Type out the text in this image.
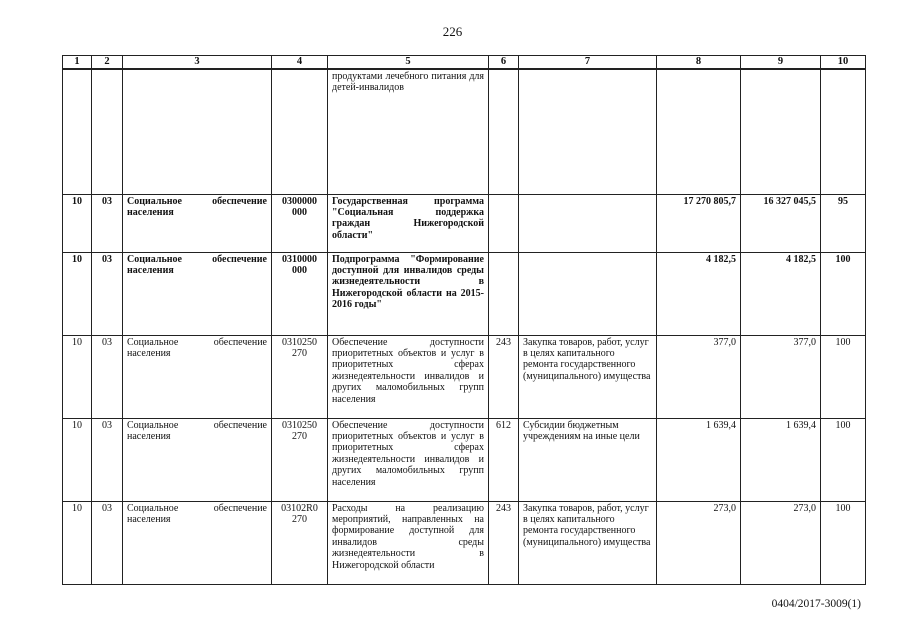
226
1	2	3	4	5	6	7	8	9	10
				продуктами лечебного питания для детей-инвалидов					
10	03	Социальное обеспечение населения	0300000 000	Государственная программа "Социальная поддержка граждан Нижегородской области"			17 270 805,7	16 327 045,5	95
10	03	Социальное обеспечение населения	0310000 000	Подпрограмма "Формирование доступной для инвалидов среды жизнедеятельности в Нижегородской области на 2015-2016 годы"			4 182,5	4 182,5	100
10	03	Социальное обеспечение населения	0310250 270	Обеспечение доступности приоритетных объектов и услуг в приоритетных сферах жизнедеятельности инвалидов и других маломобильных групп населения	243	Закупка товаров, работ, услуг в целях капитального ремонта государственного (муниципального) имущества	377,0	377,0	100
10	03	Социальное обеспечение населения	0310250 270	Обеспечение доступности приоритетных объектов и услуг в приоритетных сферах жизнедеятельности инвалидов и других маломобильных групп населения	612	Субсидии бюджетным учреждениям на иные цели	1 639,4	1 639,4	100
10	03	Социальное обеспечение населения	03102R0 270	Расходы на реализацию мероприятий, направленных на формирование доступной для инвалидов среды жизнедеятельности в Нижегородской области	243	Закупка товаров, работ, услуг в целях капитального ремонта государственного (муниципального) имущества	273,0	273,0	100
0404/2017-3009(1)
